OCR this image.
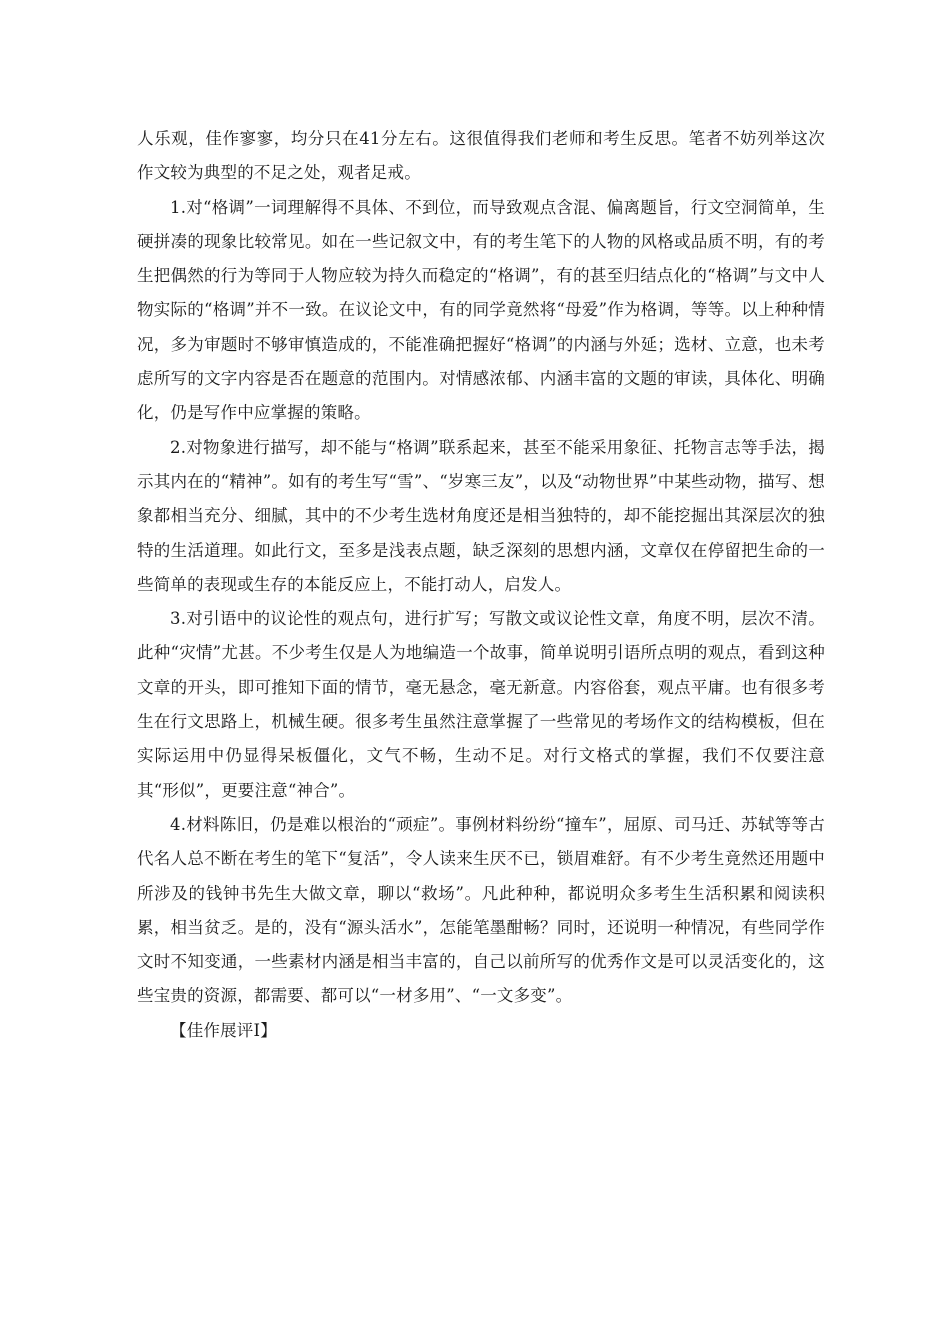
人乐观，佳作寥寥，均分只在41分左右。这很值得我们老师和考生反思。笔者不妨列举这次作文较为典型的不足之处，观者足戒。

1.对“格调”一词理解得不具体、不到位，而导致观点含混、偏离题旨，行文空洞简单，生硬拼凑的现象比较常见。如在一些记叙文中，有的考生笔下的人物的风格或品质不明，有的考生把偶然的行为等同于人物应较为持久而稳定的“格调”，有的甚至归结点化的“格调”与文中人物实际的“格调”并不一致。在议论文中，有的同学竟然将“母爱”作为格调，等等。以上种种情况，多为审题时不够审慎造成的，不能准确把握好“格调”的内涵与外延；选材、立意，也未考虑所写的文字内容是否在题意的范围内。对情感浓郁、内涵丰富的文题的审读，具体化、明确化，仍是写作中应掌握的策略。

2.对物象进行描写，却不能与“格调”联系起来，甚至不能采用象征、托物言志等手法，揭示其内在的“精神”。如有的考生写“雪”、“岁寒三友”，以及“动物世界”中某些动物，描写、想象都相当充分、细腻，其中的不少考生选材角度还是相当独特的，却不能挖掘出其深层次的独特的生活道理。如此行文，至多是浅表点题，缺乏深刻的思想内涵，文章仅在停留把生命的一些简单的表现或生存的本能反应上，不能打动人，启发人。

3.对引语中的议论性的观点句，进行扩写；写散文或议论性文章，角度不明，层次不清。此种“灾情”尤甚。不少考生仅是人为地编造一个故事，简单说明引语所点明的观点，看到这种文章的开头，即可推知下面的情节，毫无悬念，毫无新意。内容俗套，观点平庸。也有很多考生在行文思路上，机械生硬。很多考生虽然注意掌握了一些常见的考场作文的结构模板，但在实际运用中仍显得呆板僵化，文气不畅，生动不足。对行文格式的掌握，我们不仅要注意其“形似”，更要注意“神合”。

4.材料陈旧，仍是难以根治的“顽症”。事例材料纷纷“撞车”，屈原、司马迁、苏轼等等古代名人总不断在考生的笔下“复活”，令人读来生厌不已，锁眉难舒。有不少考生竟然还用题中所涉及的钱钟书先生大做文章，聊以“救场”。凡此种种，都说明众多考生生活积累和阅读积累，相当贫乏。是的，没有“源头活水”，怎能笔墨酣畅？同时，还说明一种情况，有些同学作文时不知变通，一些素材内涵是相当丰富的，自己以前所写的优秀作文是可以灵活变化的，这些宝贵的资源，都需要、都可以“一材多用”、“一文多变”。

【佳作展评Ⅰ】
